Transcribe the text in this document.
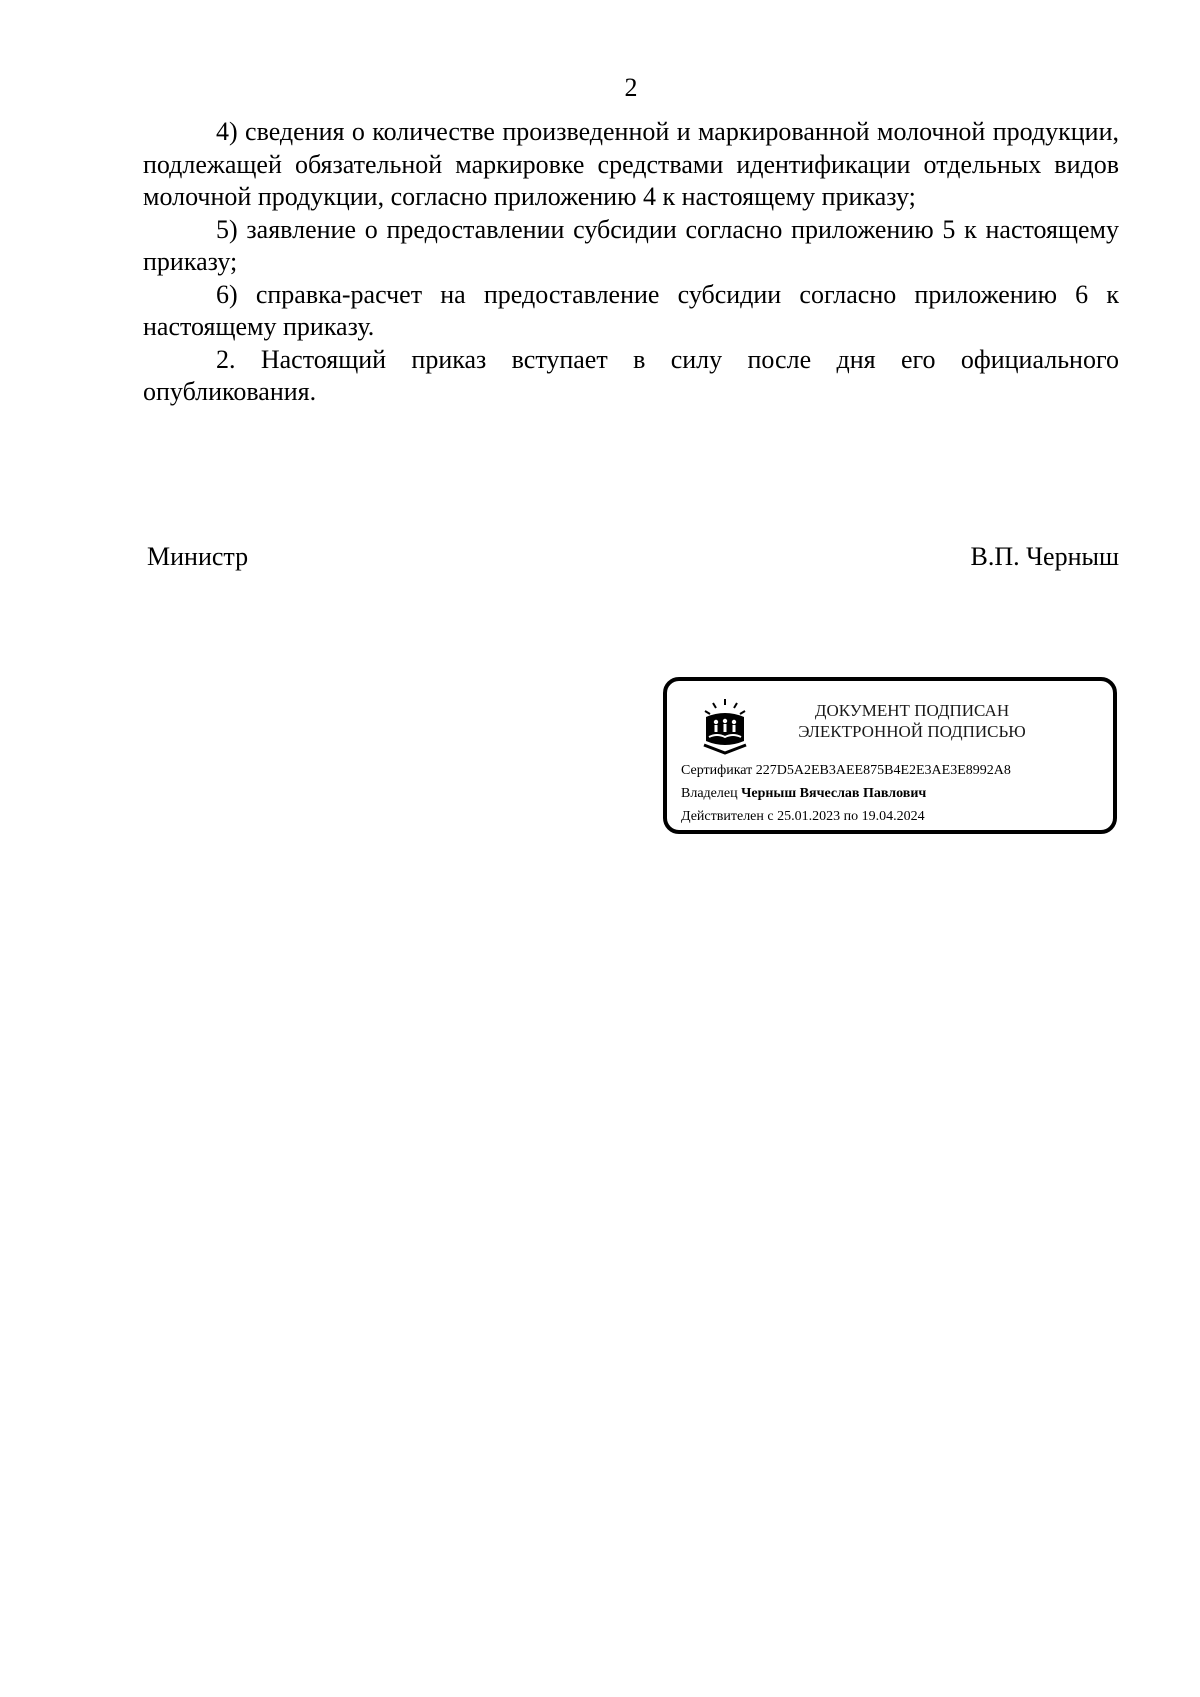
2

4) сведения о количестве произведенной и маркированной молочной продукции, подлежащей обязательной маркировке средствами идентификации отдельных видов молочной продукции, согласно приложению 4 к настоящему приказу;

5) заявление о предоставлении субсидии согласно приложению 5 к настоящему приказу;

6) справка-расчет на предоставление субсидии согласно приложению 6 к настоящему приказу.

2. Настоящий приказ вступает в силу после дня его официального опубликования.

Министр	В.П. Черныш
ДОКУМЕНТ ПОДПИСАН
ЭЛЕКТРОННОЙ ПОДПИСЬЮ
Сертификат 227D5A2EB3AEE875B4E2E3AE3E8992A8
Владелец Черныш Вячеслав Павлович
Действителен с 25.01.2023 по 19.04.2024
